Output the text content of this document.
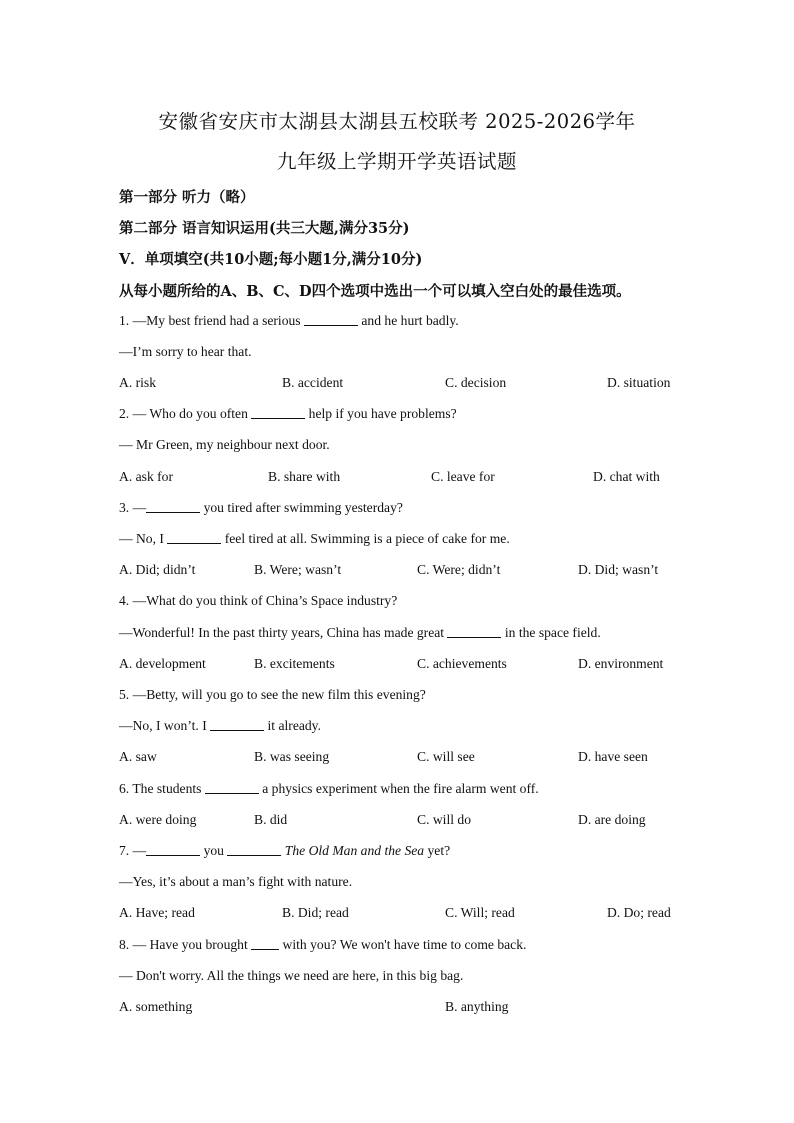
安徽省安庆市太湖县太湖县五校联考 2025-2026学年
九年级上学期开学英语试题
第一部分 听力（略）
第二部分 语言知识运用(共三大题,满分35分)
V．单项填空(共10小题;每小题1分,满分10分)
从每小题所给的A、B、C、D四个选项中选出一个可以填入空白处的最佳选项。
1. —My best friend had a serious	and he hurt badly.
—I’m sorry to hear that.
A. risk	B. accident	C. decision	D. situation
2. — Who do you often	help if you have problems?
— Mr Green, my neighbour next door.
A. ask for	B. share with	C. leave for	D. chat with
3. —	you tired after swimming yesterday?
— No, I	feel tired at all. Swimming is a piece of cake for me.
A. Did; didn’t	B. Were; wasn’t	C. Were; didn’t	D. Did; wasn’t
4. —What do you think of China’s Space industry?
—Wonderful! In the past thirty years, China has made great	in the space field.
A. development	B. excitements	C. achievements	D. environment
5. —Betty, will you go to see the new film this evening?
—No, I won’t. I	it already.
A. saw	B. was seeing	C. will see	D. have seen
6. The students	a physics experiment when the fire alarm went off.
A. were doing	B. did	C. will do	D. are doing
7. —	you	The Old Man and the Sea yet?
—Yes, it’s about a man’s fight with nature.
A. Have; read	B. Did; read	C. Will; read	D. Do; read
8. — Have you brought  with you? We won't have time to come back.
— Don't worry. All the things we need are here, in this big bag.
A. something	B. anything
